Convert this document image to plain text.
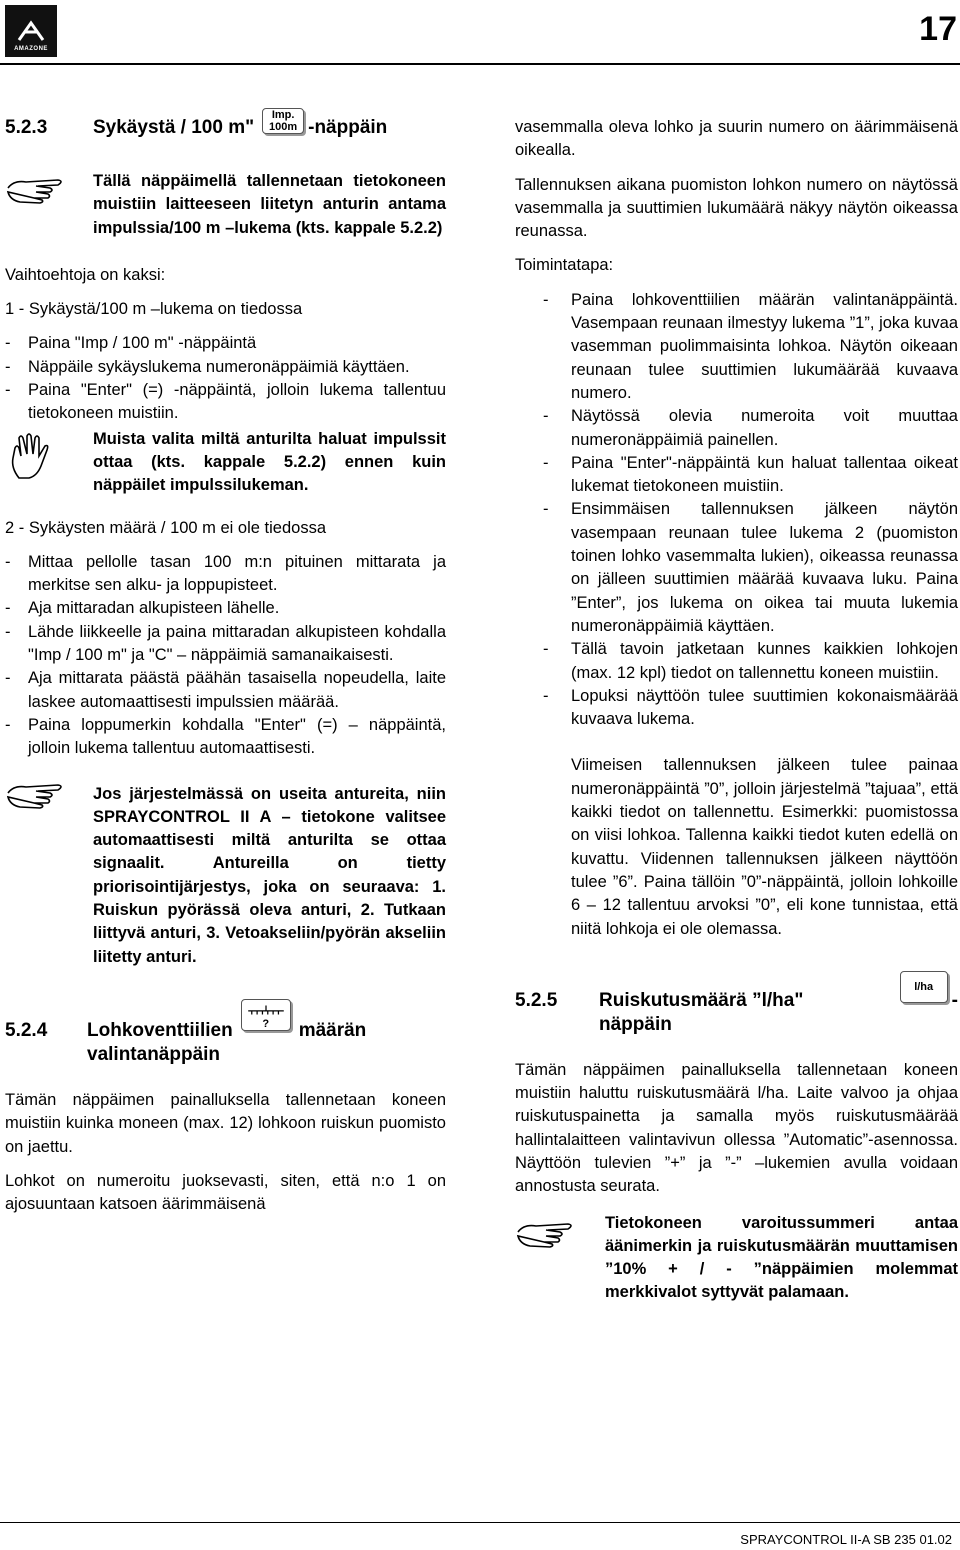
AMAZONE
17
5.2.3	Sykäystä / 100 m"
Imp.
100m -näppäin
Tällä näppäimellä tallennetaan tietokoneen muistiin laitteeseen liitetyn anturin antama impulssia/100 m –lukema (kts. kappale 5.2.2)
Vaihtoehtoja on kaksi:
1 - Sykäystä/100 m –lukema on tiedossa
-	Paina "Imp / 100 m" -näppäintä
-	Näppäile sykäyslukema numeronäppäimiä käyttäen.
-	Paina "Enter" (=) -näppäintä, jolloin lukema tallentuu tietokoneen muistiin.
Muista valita miltä anturilta haluat impulssit ottaa (kts. kappale 5.2.2) ennen kuin näppäilet impulssilukeman.
2 - Sykäysten määrä / 100 m ei ole tiedossa
-	Mittaa pellolle tasan 100 m:n pituinen mittarata ja merkitse sen alku- ja loppupisteet.
-	Aja mittaradan alkupisteen lähelle.
-	Lähde liikkeelle ja paina mittaradan alkupisteen kohdalla "Imp / 100 m" ja "C" – näppäimiä samanaikaisesti.
-	Aja mittarata päästä päähän tasaisella nopeudella, laite laskee automaattisesti impulssien määrää.
-	Paina loppumerkin kohdalla "Enter" (=) – näppäintä, jolloin lukema tallentuu automaattisesti.
Jos järjestelmässä on useita antureita, niin SPRAYCONTROL II A – tietokone valitsee automaattisesti miltä anturilta se ottaa signaalit. Antureilla on tietty priorisointijärjestys, joka on seuraava: 1. Ruiskun pyörässä oleva anturi, 2. Tutkaan liittyvä anturi, 3. Vetoakseliin/pyörän akseliin liitetty anturi.
5.2.4	Lohkoventtiilien	?	määrän
valintanäppäin
Tämän näppäimen painalluksella tallennetaan koneen muistiin kuinka moneen (max. 12) lohkoon ruiskun puomisto on jaettu.
Lohkot on numeroitu juoksevasti, siten, että n:o 1 on ajosuuntaan katsoen äärimmäisenä
vasemmalla oleva lohko ja suurin numero on äärimmäisenä oikealla.
Tallennuksen aikana puomiston lohkon numero on näytössä vasemmalla ja suuttimien lukumäärä näkyy näytön oikeassa reunassa.
Toimintatapa:
-	Paina lohkoventtiilien määrän valintanäppäintä. Vasempaan reunaan ilmestyy lukema ”1”, joka kuvaa vasemman puolimmaisinta lohkoa. Näytön oikeaan reunaan tulee suuttimien lukumäärää kuvaava numero.
-	Näytössä olevia numeroita voit muuttaa numeronäppäimiä painellen.
-	Paina "Enter"-näppäintä kun haluat tallentaa oikeat lukemat tietokoneen muistiin.
-	Ensimmäisen tallennuksen jälkeen näytön vasempaan reunaan tulee lukema 2 (puomiston toinen lohko vasemmalta lukien), oikeassa reunassa on jälleen suuttimien määrää kuvaava luku. Paina ”Enter”, jos lukema on oikea tai muuta lukemia numeronäppäimiä käyttäen.
-	Tällä tavoin jatketaan kunnes kaikkien lohkojen (max. 12 kpl) tiedot on tallennettu koneen muistiin.
-	Lopuksi näyttöön tulee suuttimien kokonaismäärää kuvaava lukema.
Viimeisen tallennuksen jälkeen tulee painaa numeronäppäintä ”0”, jolloin järjestelmä ”tajuaa”, että kaikki tiedot on tallennettu. Esimerkki: puomistossa on viisi lohkoa. Tallenna kaikki tiedot kuten edellä on kuvattu. Viidennen tallennuksen jälkeen näyttöön tulee ”6”. Paina tällöin ”0”-näppäintä, jolloin lohkoille 6 – 12 tallentuu arvoksi ”0”, eli kone tunnistaa, että niitä lohkoja ei ole olemassa.
5.2.5	Ruiskutusmäärä ”l/ha"
l/ha
-
näppäin
Tämän näppäimen painalluksella tallennetaan koneen muistiin haluttu ruiskutusmäärä l/ha. Laite valvoo ja ohjaa ruiskutuspainetta ja samalla myös ruiskutusmäärää hallintalaitteen valintavivun ollessa ”Automatic”-asennossa. Näyttöön tulevien ”+” ja ”-” –lukemien avulla voidaan annostusta seurata.
Tietokoneen varoitussummeri antaa äänimerkin ja ruiskutusmäärän muuttamisen ”10% + / - ”näppäimien molemmat merkkivalot syttyvät palamaan.
SPRAYCONTROL II-A SB 235 01.02
